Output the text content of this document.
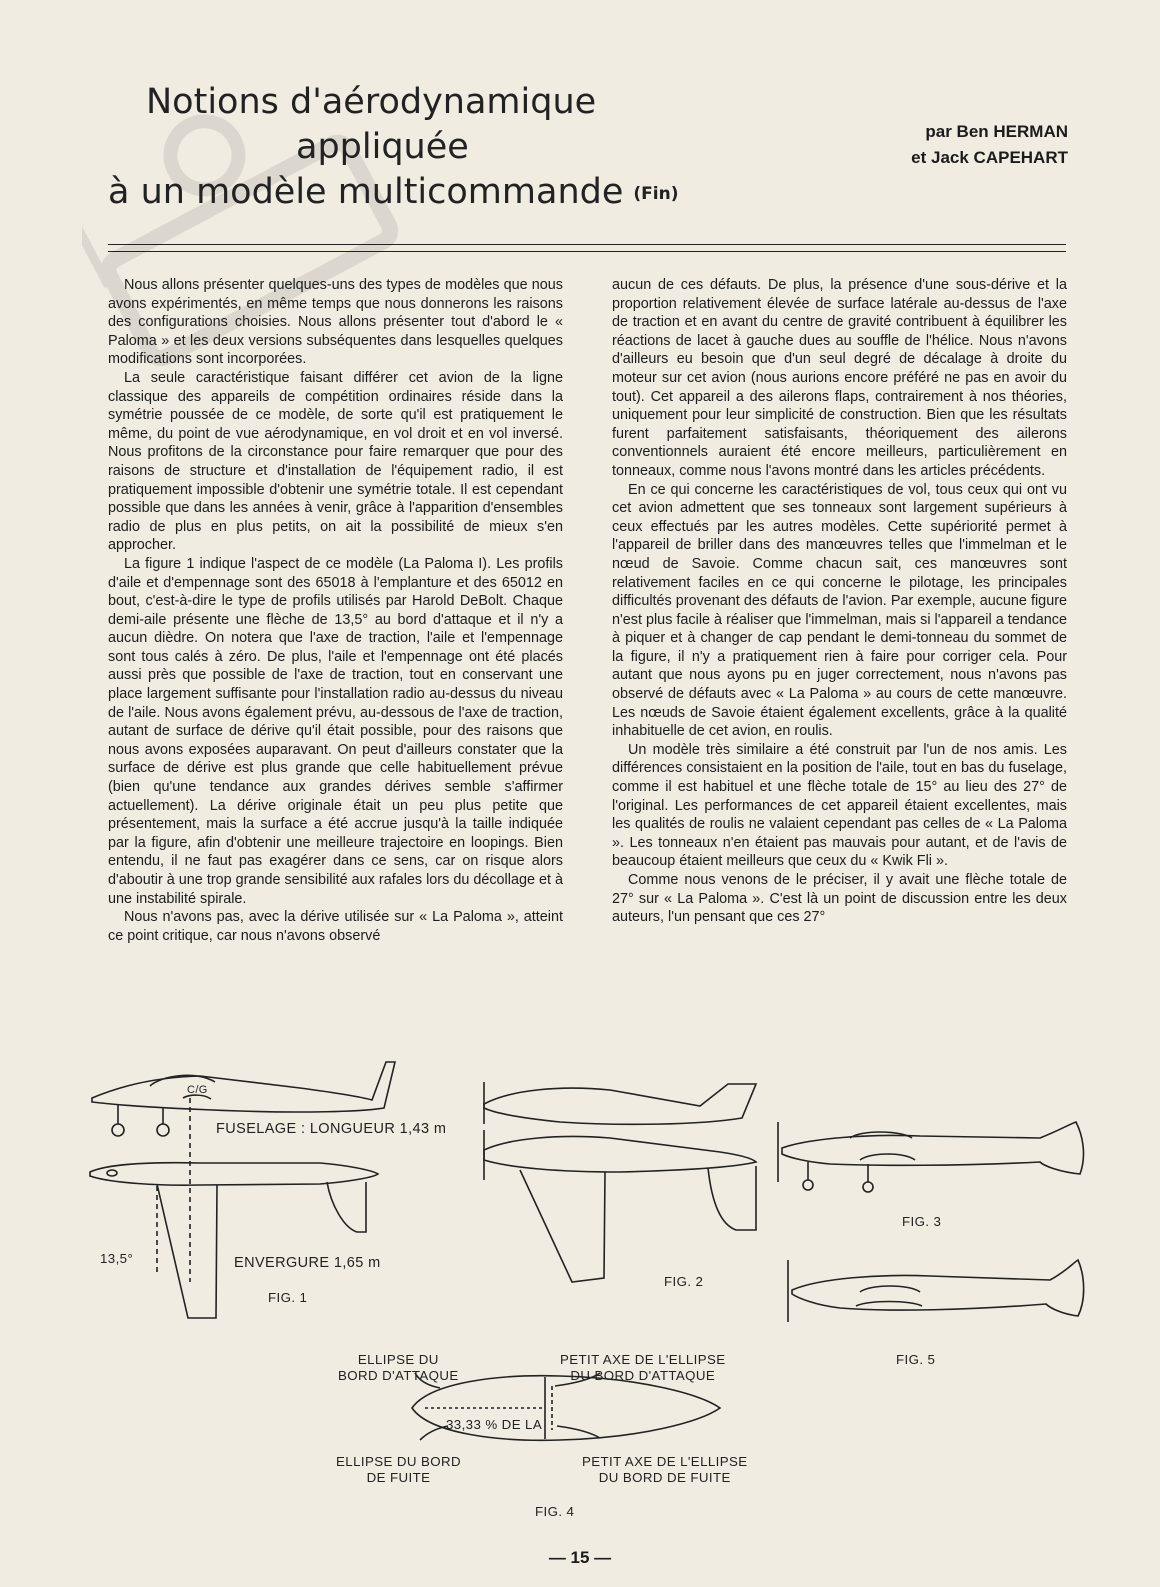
Notions d'aérodynamique
appliquée
à un modèle multicommande (Fin)
par Ben HERMAN
et Jack CAPEHART

Nous allons présenter quelques-uns des types de modèles que nous avons expérimentés, en même temps que nous donnerons les raisons des configurations choisies. Nous allons présenter tout d'abord le « Paloma » et les deux versions subséquentes dans lesquelles quelques modifications sont incorporées.

La seule caractéristique faisant différer cet avion de la ligne classique des appareils de compétition ordinaires réside dans la symétrie poussée de ce modèle, de sorte qu'il est pratiquement le même, du point de vue aérodynamique, en vol droit et en vol inversé. Nous profitons de la circonstance pour faire remarquer que pour des raisons de structure et d'installation de l'équipement radio, il est pratiquement impossible d'obtenir une symétrie totale. Il est cependant possible que dans les années à venir, grâce à l'apparition d'ensembles radio de plus en plus petits, on ait la possibilité de mieux s'en approcher.

La figure 1 indique l'aspect de ce modèle (La Paloma I). Les profils d'aile et d'empennage sont des 65018 à l'emplanture et des 65012 en bout, c'est-à-dire le type de profils utilisés par Harold DeBolt. Chaque demi-aile présente une flèche de 13,5° au bord d'attaque et il n'y a aucun dièdre. On notera que l'axe de traction, l'aile et l'empennage sont tous calés à zéro. De plus, l'aile et l'empennage ont été placés aussi près que possible de l'axe de traction, tout en conservant une place largement suffisante pour l'installation radio au-dessus du niveau de l'aile. Nous avons également prévu, au-dessous de l'axe de traction, autant de surface de dérive qu'il était possible, pour des raisons que nous avons exposées auparavant. On peut d'ailleurs constater que la surface de dérive est plus grande que celle habituellement prévue (bien qu'une tendance aux grandes dérives semble s'affirmer actuellement). La dérive originale était un peu plus petite que présentement, mais la surface a été accrue jusqu'à la taille indiquée par la figure, afin d'obtenir une meilleure trajectoire en loopings. Bien entendu, il ne faut pas exagérer dans ce sens, car on risque alors d'aboutir à une trop grande sensibilité aux rafales lors du décollage et à une instabilité spirale.

Nous n'avons pas, avec la dérive utilisée sur « La Paloma », atteint ce point critique, car nous n'avons observé

aucun de ces défauts. De plus, la présence d'une sous-dérive et la proportion relativement élevée de surface latérale au-dessus de l'axe de traction et en avant du centre de gravité contribuent à équilibrer les réactions de lacet à gauche dues au souffle de l'hélice. Nous n'avons d'ailleurs eu besoin que d'un seul degré de décalage à droite du moteur sur cet avion (nous aurions encore préféré ne pas en avoir du tout). Cet appareil a des ailerons flaps, contrairement à nos théories, uniquement pour leur simplicité de construction. Bien que les résultats furent parfaitement satisfaisants, théoriquement des ailerons conventionnels auraient été encore meilleurs, particulièrement en tonneaux, comme nous l'avons montré dans les articles précédents.

En ce qui concerne les caractéristiques de vol, tous ceux qui ont vu cet avion admettent que ses tonneaux sont largement supérieurs à ceux effectués par les autres modèles. Cette supériorité permet à l'appareil de briller dans des manœuvres telles que l'immelman et le nœud de Savoie. Comme chacun sait, ces manœuvres sont relativement faciles en ce qui concerne le pilotage, les principales difficultés provenant des défauts de l'avion. Par exemple, aucune figure n'est plus facile à réaliser que l'immelman, mais si l'appareil a tendance à piquer et à changer de cap pendant le demi-tonneau du sommet de la figure, il n'y a pratiquement rien à faire pour corriger cela. Pour autant que nous ayons pu en juger correctement, nous n'avons pas observé de défauts avec « La Paloma » au cours de cette manœuvre. Les nœuds de Savoie étaient également excellents, grâce à la qualité inhabituelle de cet avion, en roulis.

Un modèle très similaire a été construit par l'un de nos amis. Les différences consistaient en la position de l'aile, tout en bas du fuselage, comme il est habituel et une flèche totale de 15° au lieu des 27° de l'original. Les performances de cet appareil étaient excellentes, mais les qualités de roulis ne valaient cependant pas celles de « La Paloma ». Les tonneaux n'en étaient pas mauvais pour autant, et de l'avis de beaucoup étaient meilleurs que ceux du « Kwik Fli ».

Comme nous venons de le préciser, il y avait une flèche totale de 27° sur « La Paloma ». C'est là un point de discussion entre les deux auteurs, l'un pensant que ces 27°

C/G
FUSELAGE : LONGUEUR 1,43 m
13,5°	ENVERGURE 1,65 m
FIG. 1
FIG. 2
FIG. 3
FIG. 5
ELLIPSE DU
BORD D'ATTAQUE
PETIT AXE DE L'ELLIPSE
DU BORD D'ATTAQUE
33,33 % DE LA
ELLIPSE DU BORD
DE FUITE
PETIT AXE DE L'ELLIPSE
DU BORD DE FUITE
FIG. 4
— 15 —
